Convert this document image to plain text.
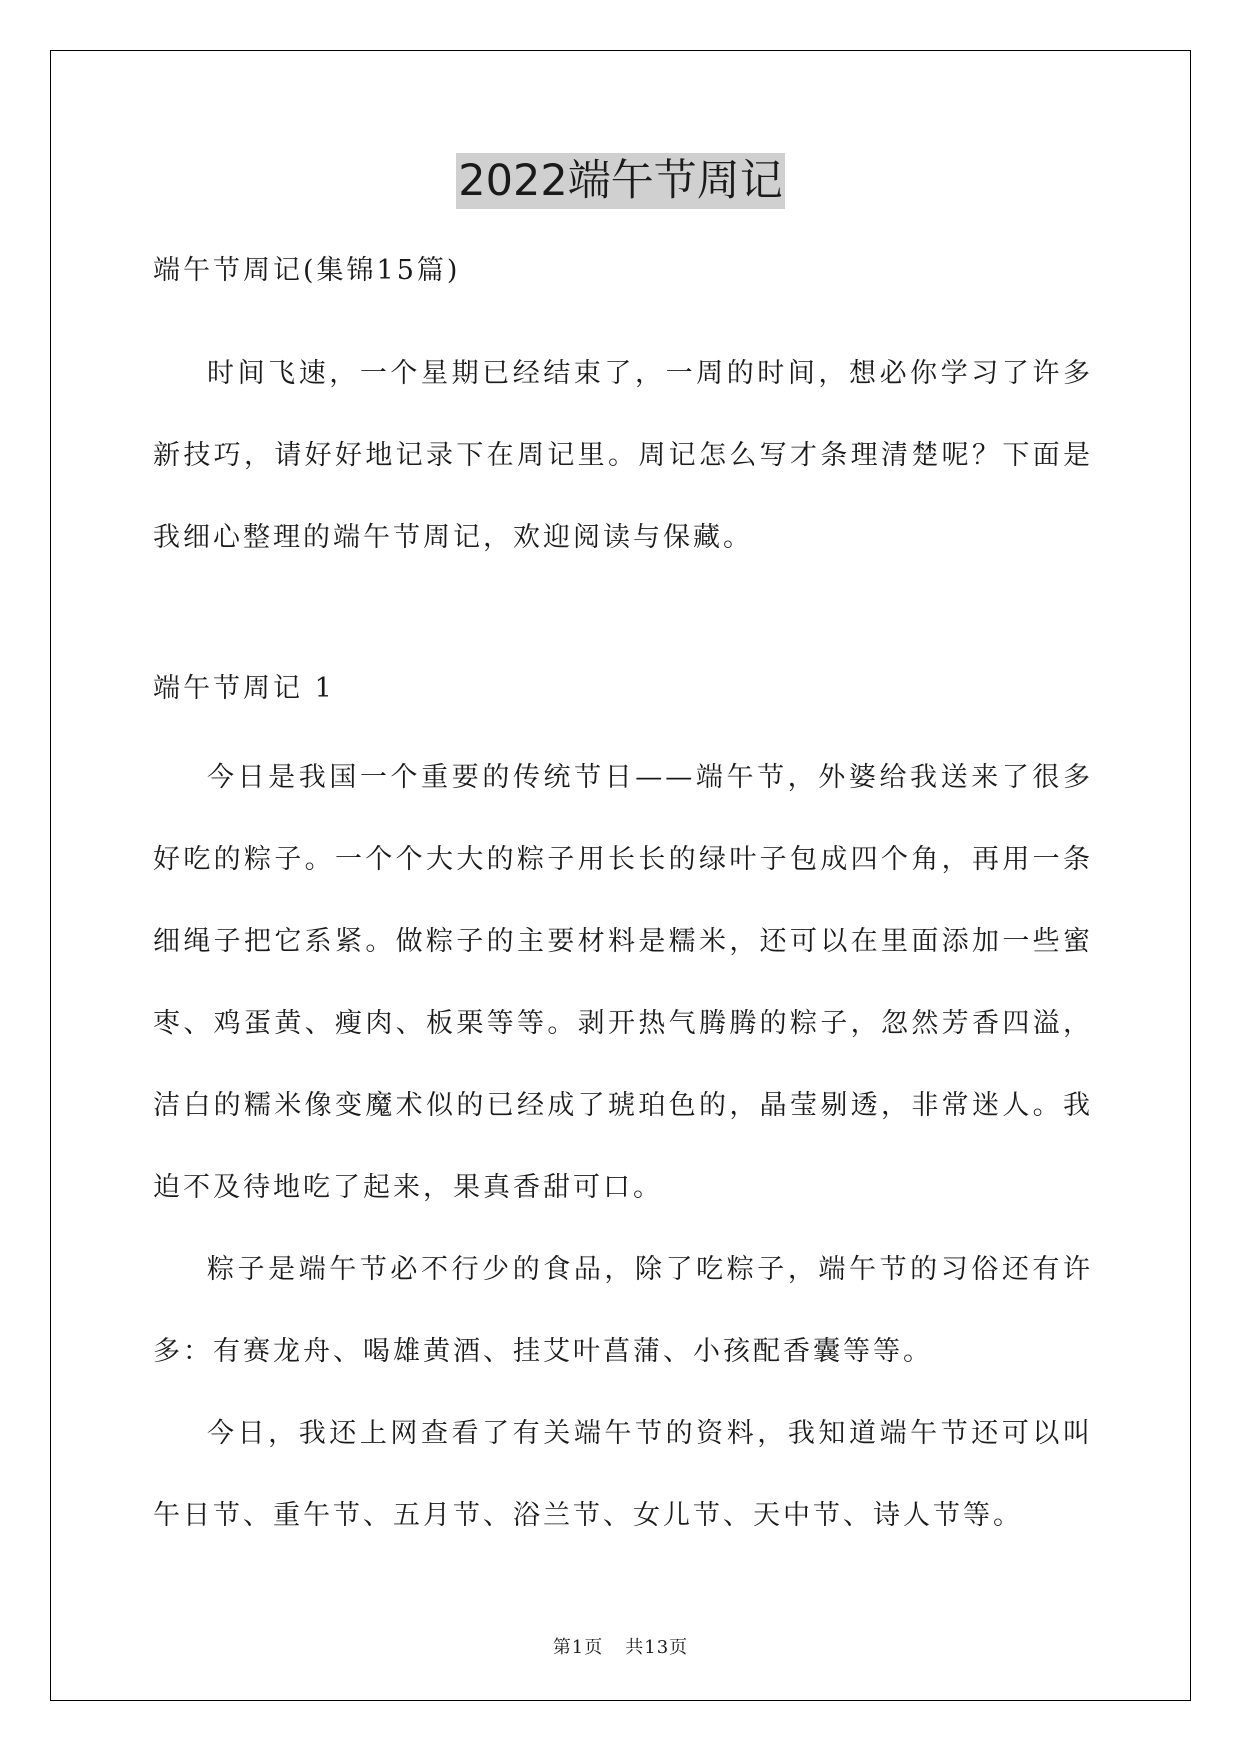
2022端午节周记

端午节周记(集锦15篇)

时间飞速，一个星期已经结束了，一周的时间，想必你学习了许多新技巧，请好好地记录下在周记里。周记怎么写才条理清楚呢？下面是我细心整理的端午节周记，欢迎阅读与保藏。

端午节周记 1

今日是我国一个重要的传统节日——端午节，外婆给我送来了很多好吃的粽子。一个个大大的粽子用长长的绿叶子包成四个角，再用一条细绳子把它系紧。做粽子的主要材料是糯米，还可以在里面添加一些蜜枣、鸡蛋黄、瘦肉、板栗等等。剥开热气腾腾的粽子，忽然芳香四溢，洁白的糯米像变魔术似的已经成了琥珀色的，晶莹剔透，非常迷人。我迫不及待地吃了起来，果真香甜可口。

粽子是端午节必不行少的食品，除了吃粽子，端午节的习俗还有许多：有赛龙舟、喝雄黄酒、挂艾叶菖蒲、小孩配香囊等等。

今日，我还上网查看了有关端午节的资料，我知道端午节还可以叫午日节、重午节、五月节、浴兰节、女儿节、天中节、诗人节等。

第1页 共13页
